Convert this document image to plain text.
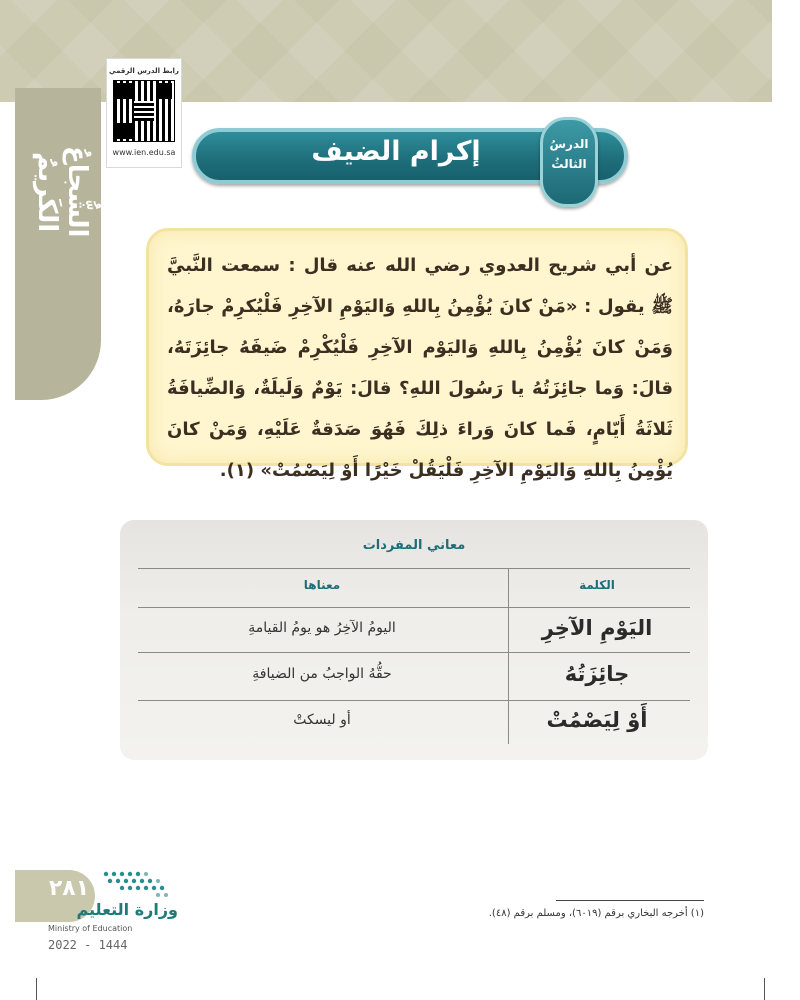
الشُّجاعُ الكَريمُ
رابط الدرس الرقمي
www.ien.edu.sa	إكرام الضيف	الدرسُ
الثالثُ
عن أبي شريح العدوي رضي الله عنه قال : سمعت النَّبيَّ ﷺ يقول : «مَنْ كانَ يُؤْمِنُ بِاللهِ وَاليَوْمِ الآخِرِ فَلْيُكرِمْ جارَهُ، وَمَنْ كانَ يُؤْمِنُ بِاللهِ وَاليَوْم الآخِرِ فَلْيُكْرِمْ ضَيفَهُ جائِزَتَهُ، قالَ: وَما جائِزَتُهُ يا رَسُولَ اللهِ؟ قالَ: يَوْمٌ وَلَيلَةٌ، وَالضِّيافَةُ ثَلاثَةُ أَيّامٍ، فَما كانَ وَراءَ ذلِكَ فَهُوَ صَدَقةٌ عَلَيْهِ، وَمَنْ كانَ يُؤْمِنُ بِاللهِ وَاليَوْمِ الآخِرِ فَلْيَقُلْ خَيْرًا أَوْ لِيَصْمُتْ» (١).
معاني المفردات
الكلمة
معناها
اليَوْمِ الآخِرِ
اليومُ الآخِرُ هو يومُ القيامةِ
جائِزَتُهُ
حقُّهُ الواجبُ من الضيافةِ
أَوْ لِيَصْمُتْ
أو ليسكتْ
(١) أخرجه البخاري برقم (٦٠١٩)، ومسلم برقم (٤٨).
٢٨١
وزارة التعليم
Ministry of Education
2022 - 1444
